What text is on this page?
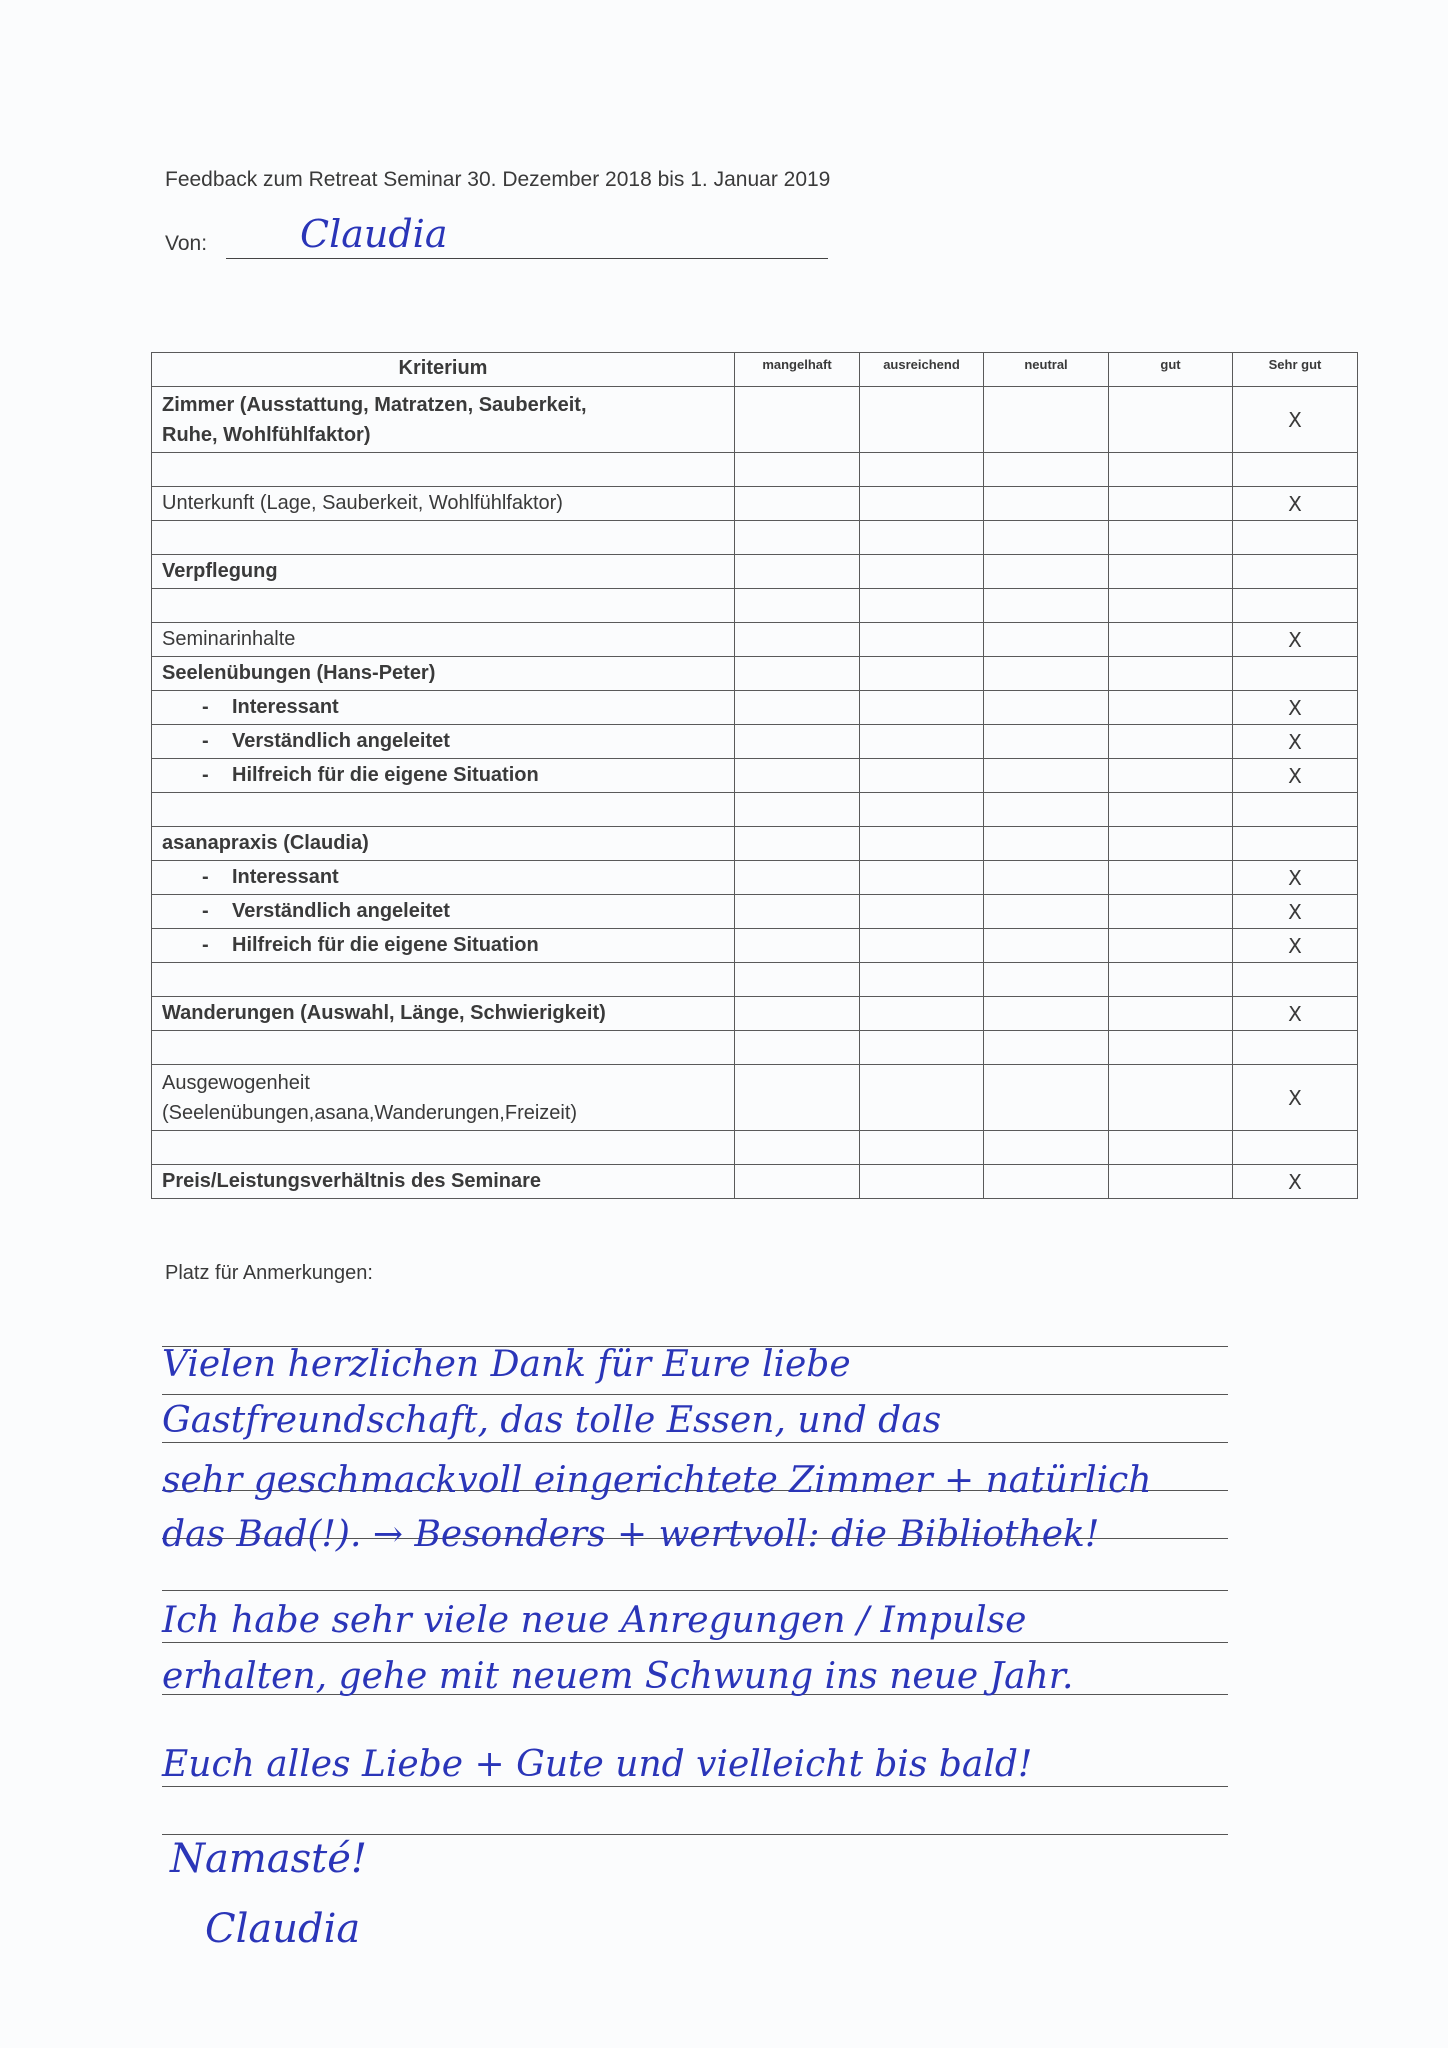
Feedback zum Retreat Seminar 30. Dezember 2018 bis 1. Januar 2019
Von: Claudia
Kriterium	mangelhaft	ausreichend	neutral	gut	Sehr gut
Zimmer (Ausstattung, Matratzen, Sauberkeit,
Ruhe, Wohlfühlfaktor)					X

Unterkunft (Lage, Sauberkeit, Wohlfühlfaktor)					X

Verpflegung					

Seminarinhalte					X
Seelenübungen (Hans-Peter)					
- Interessant					X
- Verständlich angeleitet					X
- Hilfreich für die eigene Situation					X

asanapraxis (Claudia)					
- Interessant					X
- Verständlich angeleitet					X
- Hilfreich für die eigene Situation					X

Wanderungen (Auswahl, Länge, Schwierigkeit)					X

Ausgewogenheit
(Seelenübungen,asana,Wanderungen,Freizeit)					X

Preis/Leistungsverhältnis des Seminare					X
Platz für Anmerkungen:
Vielen herzlichen Dank für Eure liebe
Gastfreundschaft, das tolle Essen, und das
sehr geschmackvoll eingerichtete Zimmer + natürlich
das Bad(!). → Besonders + wertvoll: die Bibliothek!
Ich habe sehr viele neue Anregungen / Impulse
erhalten, gehe mit neuem Schwung ins neue Jahr.
Euch alles Liebe + Gute und vielleicht bis bald!
Namasté!
Claudia
